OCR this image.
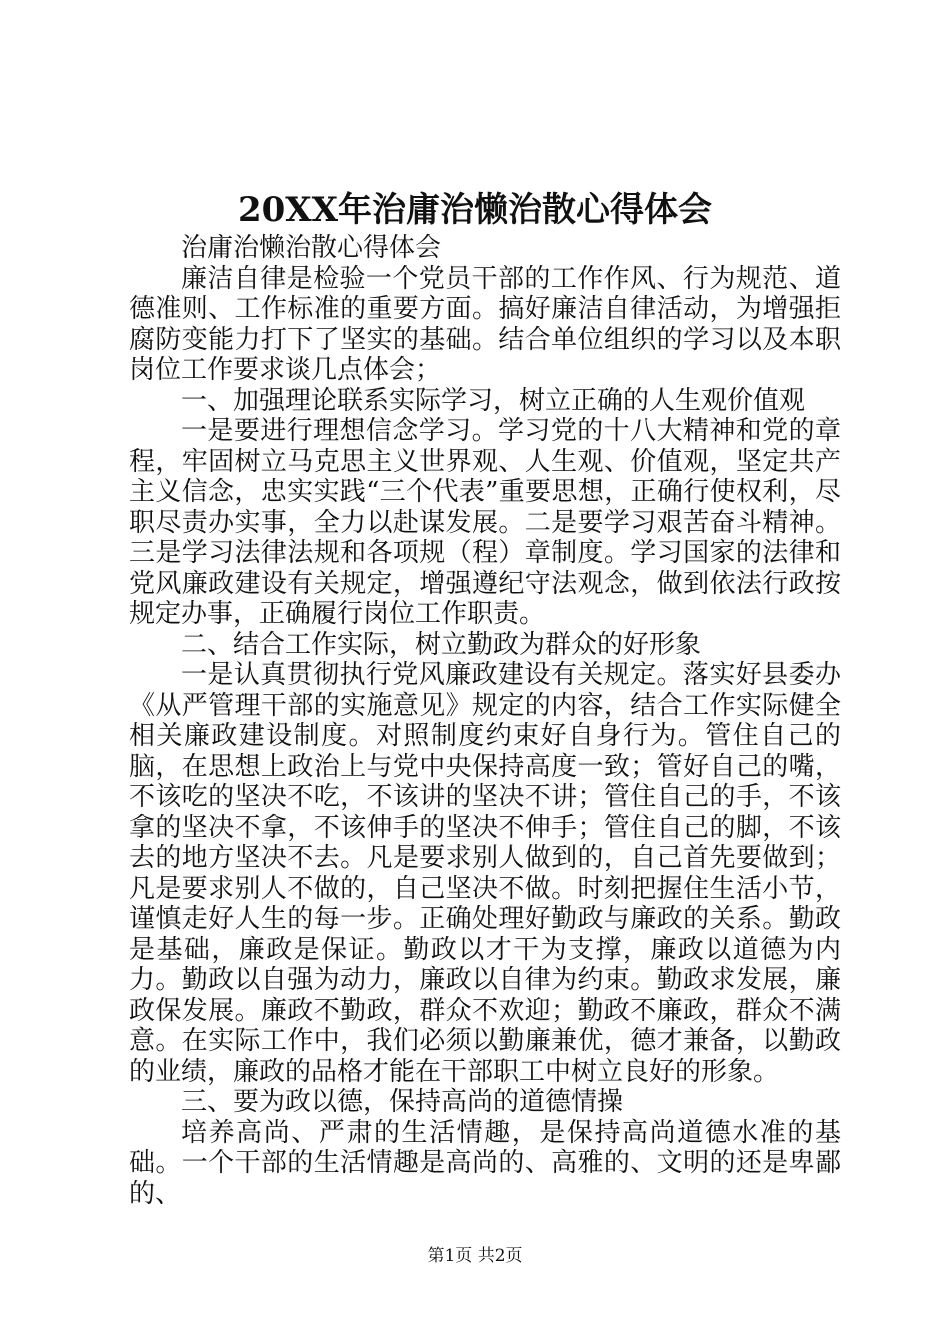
20XX年治庸治懒治散心得体会

治庸治懒治散心得体会

廉洁自律是检验一个党员干部的工作作风、行为规范、道德准则、工作标准的重要方面。搞好廉洁自律活动，为增强拒腐防变能力打下了坚实的基础。结合单位组织的学习以及本职岗位工作要求谈几点体会；

一、加强理论联系实际学习，树立正确的人生观价值观

一是要进行理想信念学习。学习党的十八大精神和党的章程，牢固树立马克思主义世界观、人生观、价值观，坚定共产主义信念，忠实实践“三个代表”重要思想，正确行使权利，尽职尽责办实事，全力以赴谋发展。二是要学习艰苦奋斗精神。三是学习法律法规和各项规（程）章制度。学习国家的法律和党风廉政建设有关规定，增强遵纪守法观念，做到依法行政按规定办事，正确履行岗位工作职责。

二、结合工作实际，树立勤政为群众的好形象

一是认真贯彻执行党风廉政建设有关规定。落实好县委办《从严管理干部的实施意见》规定的内容，结合工作实际健全相关廉政建设制度。对照制度约束好自身行为。管住自己的脑，在思想上政治上与党中央保持高度一致；管好自己的嘴，不该吃的坚决不吃，不该讲的坚决不讲；管住自己的手，不该拿的坚决不拿，不该伸手的坚决不伸手；管住自己的脚，不该去的地方坚决不去。凡是要求别人做到的，自己首先要做到；凡是要求别人不做的，自己坚决不做。时刻把握住生活小节，谨慎走好人生的每一步。正确处理好勤政与廉政的关系。勤政是基础，廉政是保证。勤政以才干为支撑，廉政以道德为内力。勤政以自强为动力，廉政以自律为约束。勤政求发展，廉政保发展。廉政不勤政，群众不欢迎；勤政不廉政，群众不满意。在实际工作中，我们必须以勤廉兼优，德才兼备，以勤政的业绩，廉政的品格才能在干部职工中树立良好的形象。

三、要为政以德，保持高尚的道德情操

培养高尚、严肃的生活情趣，是保持高尚道德水准的基础。一个干部的生活情趣是高尚的、高雅的、文明的还是卑鄙的、

第1页 共2页
